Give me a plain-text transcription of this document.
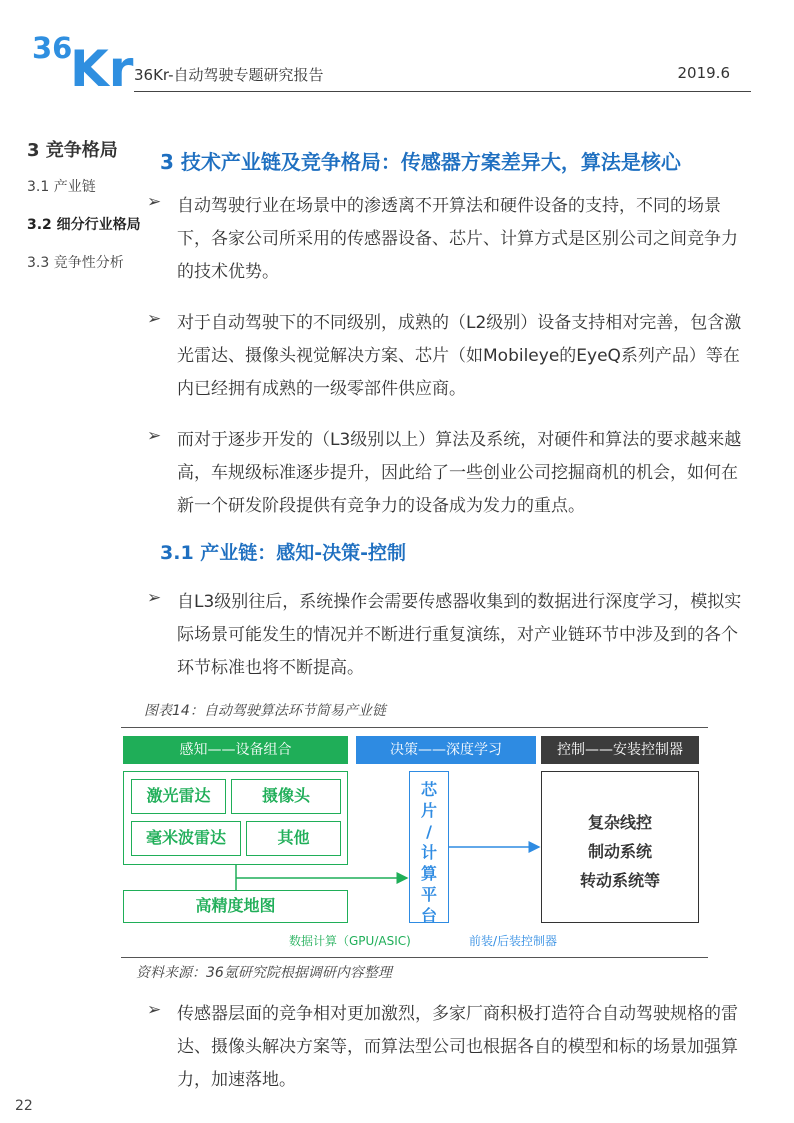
36
Kr 36Kr-自动驾驶专题研究报告	2019.6
3 竞争格局
3.1 产业链
3.2 细分行业格局
3.3 竞争性分析
3 技术产业链及竞争格局：传感器方案差异大，算法是核心
➢ 自动驾驶行业在场景中的渗透离不开算法和硬件设备的支持，不同的场景下，各家公司所采用的传感器设备、芯片、计算方式是区别公司之间竞争力的技术优势。
➢ 对于自动驾驶下的不同级别，成熟的（L2级别）设备支持相对完善，包含激光雷达、摄像头视觉解决方案、芯片（如Mobileye的EyeQ系列产品）等在内已经拥有成熟的一级零部件供应商。
➢ 而对于逐步开发的（L3级别以上）算法及系统，对硬件和算法的要求越来越高，车规级标准逐步提升，因此给了一些创业公司挖掘商机的机会，如何在新一个研发阶段提供有竞争力的设备成为发力的重点。
3.1 产业链：感知-决策-控制
➢ 自L3级别往后，系统操作会需要传感器收集到的数据进行深度学习，模拟实际场景可能发生的情况并不断进行重复演练，对产业链环节中涉及到的各个环节标准也将不断提高。
图表14：自动驾驶算法环节简易产业链
感知——设备组合	决策——深度学习	控制——安装控制器
激光雷达	摄像头
毫米波雷达	其他
高精度地图
芯
片
/
计
算
平
台
复杂线控
制动系统
转动系统等
数据计算（GPU/ASIC)	前装/后装控制器
资料来源：36氪研究院根据调研内容整理
➢ 传感器层面的竞争相对更加激烈，多家厂商积极打造符合自动驾驶规格的雷达、摄像头解决方案等，而算法型公司也根据各自的模型和标的场景加强算力，加速落地。
22
